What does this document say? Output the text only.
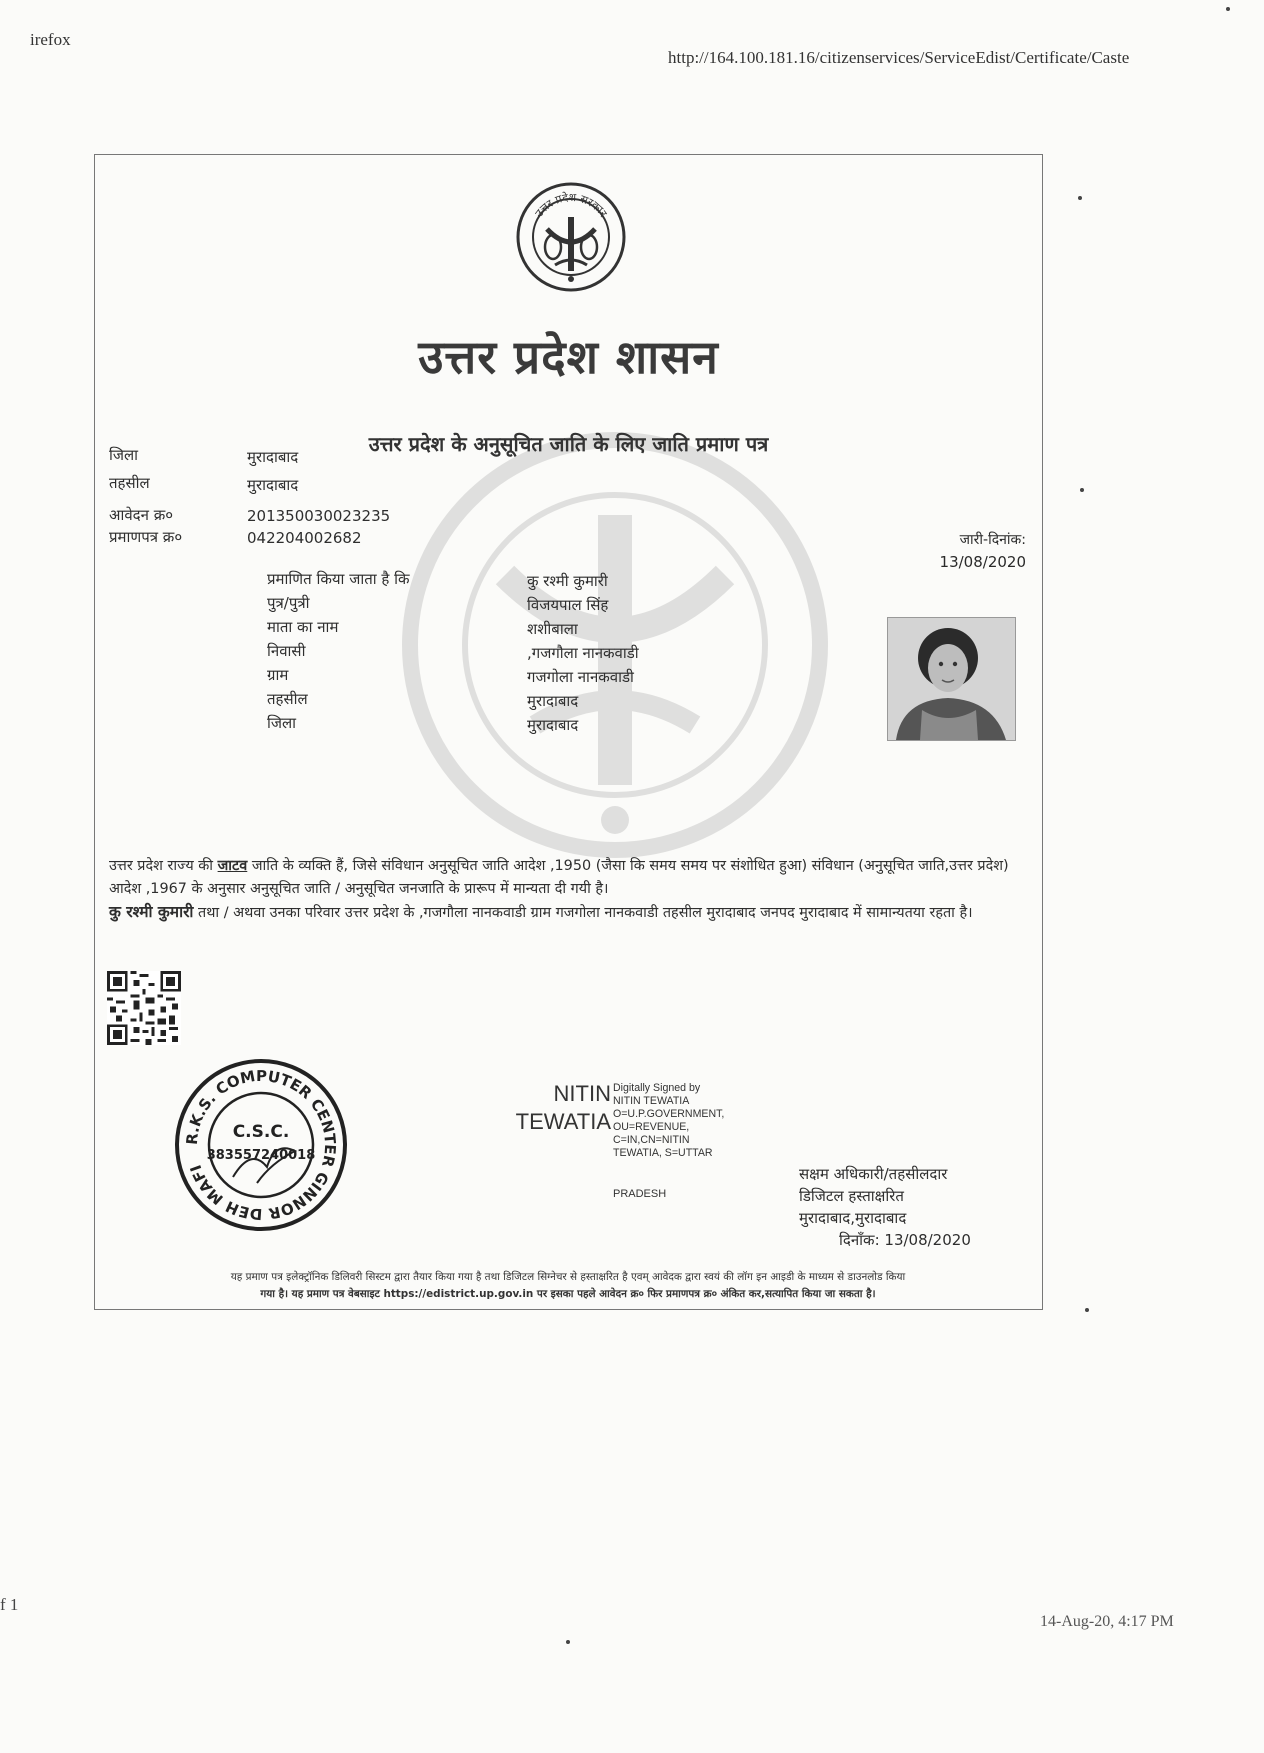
irefox
http://164.100.181.16/citizenservices/ServiceEdist/Certificate/Caste
f 1
14-Aug-20, 4:17 PM
उत्तर प्रदेश सरकार
उत्तर प्रदेश शासन
उत्तर प्रदेश के अनुसूचित जाति के लिए जाति प्रमाण पत्र
जिला	मुरादाबाद
तहसील	मुरादाबाद
आवेदन क्र०	201350030023235
प्रमाणपत्र क्र०	042204002682	जारी-दिनांक:
13/08/2020
प्रमाणित किया जाता है कि	कु रश्मी कुमारी
पुत्र/पुत्री	विजयपाल सिंह
माता का नाम	शशीबाला
निवासी	,गजगौला नानकवाडी
ग्राम	गजगोला नानकवाडी
तहसील	मुरादाबाद
जिला	मुरादाबाद

उत्तर प्रदेश राज्य की जाटव जाति के व्यक्ति हैं, जिसे संविधान अनुसूचित जाति आदेश ,1950 (जैसा कि समय समय पर संशोधित हुआ) संविधान (अनुसूचित जाति,उत्तर प्रदेश) आदेश ,1967 के अनुसार अनुसूचित जाति / अनुसूचित जनजाति के प्रारूप में मान्यता दी गयी है।

कु रश्मी कुमारी तथा / अथवा उनका परिवार उत्तर प्रदेश के ,गजगौला नानकवाडी ग्राम गजगोला नानकवाडी तहसील मुरादाबाद जनपद मुरादाबाद में सामान्यतया रहता है।

R.K.S. COMPUTER CENTER GINNOR DEH MAFI
C.S.C.
383557240018
NITIN
TEWATIA
Digitally Signed by
NITIN TEWATIA
O=U.P.GOVERNMENT,
OU=REVENUE,
C=IN,CN=NITIN
TEWATIA, S=UTTAR
PRADESH
सक्षम अधिकारी/तहसीलदार
डिजिटल हस्ताक्षरित
मुरादाबाद,मुरादाबाद
दिनाँक: 13/08/2020
यह प्रमाण पत्र इलेक्ट्रॉनिक डिलिवरी सिस्टम द्वारा तैयार किया गया है तथा डिजिटल सिग्नेचर से हस्ताक्षरित है एवम् आवेदक द्वारा स्वयं की लॉग इन आइडी के माध्यम से डाउनलोड किया
गया है। यह प्रमाण पत्र वेबसाइट https://edistrict.up.gov.in पर इसका पहले आवेदन क्र० फिर प्रमाणपत्र क्र० अंकित कर,सत्यापित किया जा सकता है।
